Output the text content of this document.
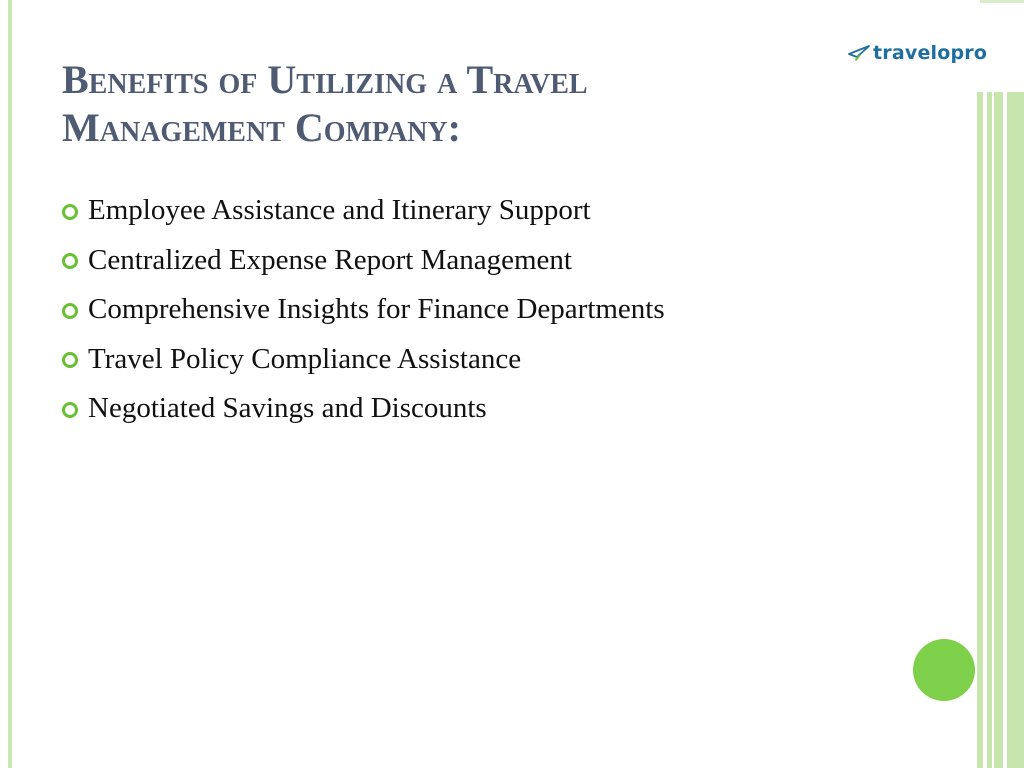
travelopro
Benefits of Utilizing a Travel
Management Company:
Employee Assistance and Itinerary Support
Centralized Expense Report Management
Comprehensive Insights for Finance Departments
Travel Policy Compliance Assistance
Negotiated Savings and Discounts
